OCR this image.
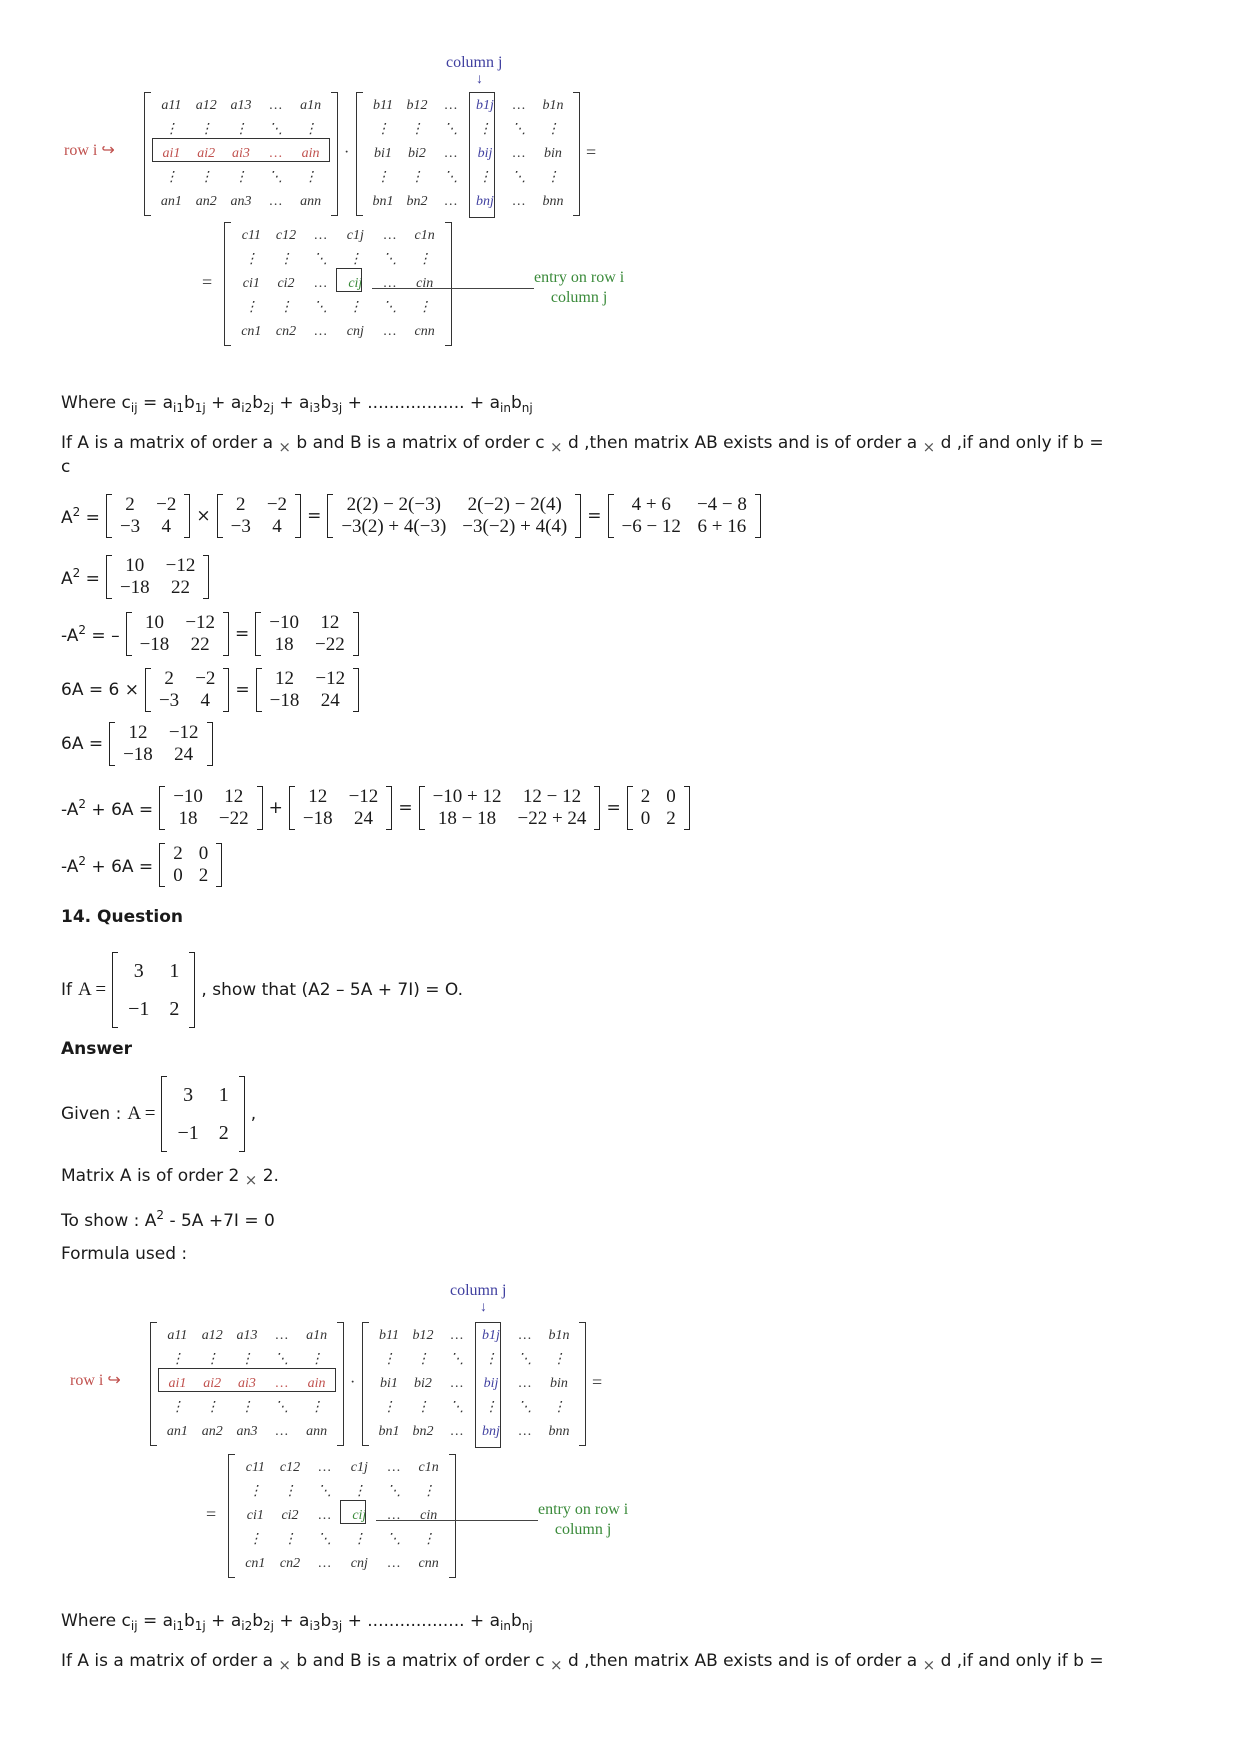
column j
↓
row i ↪
a11	a12 a13	…	a1n
⋮	⋮	⋮	⋱	⋮
ai1	ai2	ai3	…	ain
⋮	⋮	⋮	⋱	⋮
an1 an2 an3	…	ann
·
b11 b12	…	b1j	…	b1n
⋮	⋮	⋱	⋮	⋱	⋮
bi1	bi2	…	bij	…	bin
⋮	⋮	⋱	⋮	⋱	⋮
bn1 bn2	…	bnj	…	bnn
=
=
c11	c12	…	c1j	…	c1n
⋮	⋮	⋱	⋮	⋱	⋮
ci1	ci2	…	cij	…	cin
⋮	⋮	⋱	⋮	⋱	⋮
cn1	cn2	…	cnj	…	cnn
entry on row i
column j
Where $c_{ij} = a_{i1}b_{1j} + a_{i2}b_{2j} + a_{i3}b_{3j}$ + .................. + $a_{in}b_{nj}$
If A is a matrix of order a × b and B is a matrix of order c × d ,then matrix AB exists and is of order a × d ,if and only if b =
c
$A^2$ =
2	−2
−3	4 ×
2	−2
−3	4 =
2(2) − 2(−3)	2(−2) − 2(4)
−3(2) + 4(−3)	−3(−2) + 4(4) =
4 + 6	−4 − 8
−6 − 12	6 + 16
$A^2$ =
10	−12
−18	22
$-A^2$ = –
10	−12
−18	22 =
−10	12
18	−22
6A = 6 ×
2	−2
−3	4 =
12	−12
−18	24
6A =
12	−12
−18	24
$-A^2 + 6A$ =
−10	12
18	−22 +
12	−12
−18	24 =
−10 + 12	12 − 12
18 − 18	−22 + 24 =
2	0
0	2
$-A^2 + 6A$ =
2	0
0	2
14. Question
If A =
3	1
−1	2
, show that (A2 – 5A + 7I) = O.
Answer
Given : A =
3	1
−1	2
,
Matrix A is of order 2 × 2.
To show : $A^2 - 5A +7I = 0$
Formula used :
column j
↓
row i ↪
a11	a12 a13	…	a1n
⋮	⋮	⋮	⋱	⋮
ai1	ai2	ai3	…	ain
⋮	⋮	⋮	⋱	⋮
an1 an2 an3	…	ann
·
b11 b12	…	b1j	…	b1n
⋮	⋮	⋱	⋮	⋱	⋮
bi1	bi2	…	bij	…	bin
⋮	⋮	⋱	⋮	⋱	⋮
bn1 bn2	…	bnj	…	bnn
=
=
c11	c12	…	c1j	…	c1n
⋮	⋮	⋱	⋮	⋱	⋮
ci1	ci2	…	cij	…	cin
⋮	⋮	⋱	⋮	⋱	⋮
cn1	cn2	…	cnj	…	cnn
entry on row i
column j
Where $c_{ij} = a_{i1}b_{1j} + a_{i2}b_{2j} + a_{i3}b_{3j}$ + .................. + $a_{in}b_{nj}$
If A is a matrix of order a × b and B is a matrix of order c × d ,then matrix AB exists and is of order a × d ,if and only if b =
